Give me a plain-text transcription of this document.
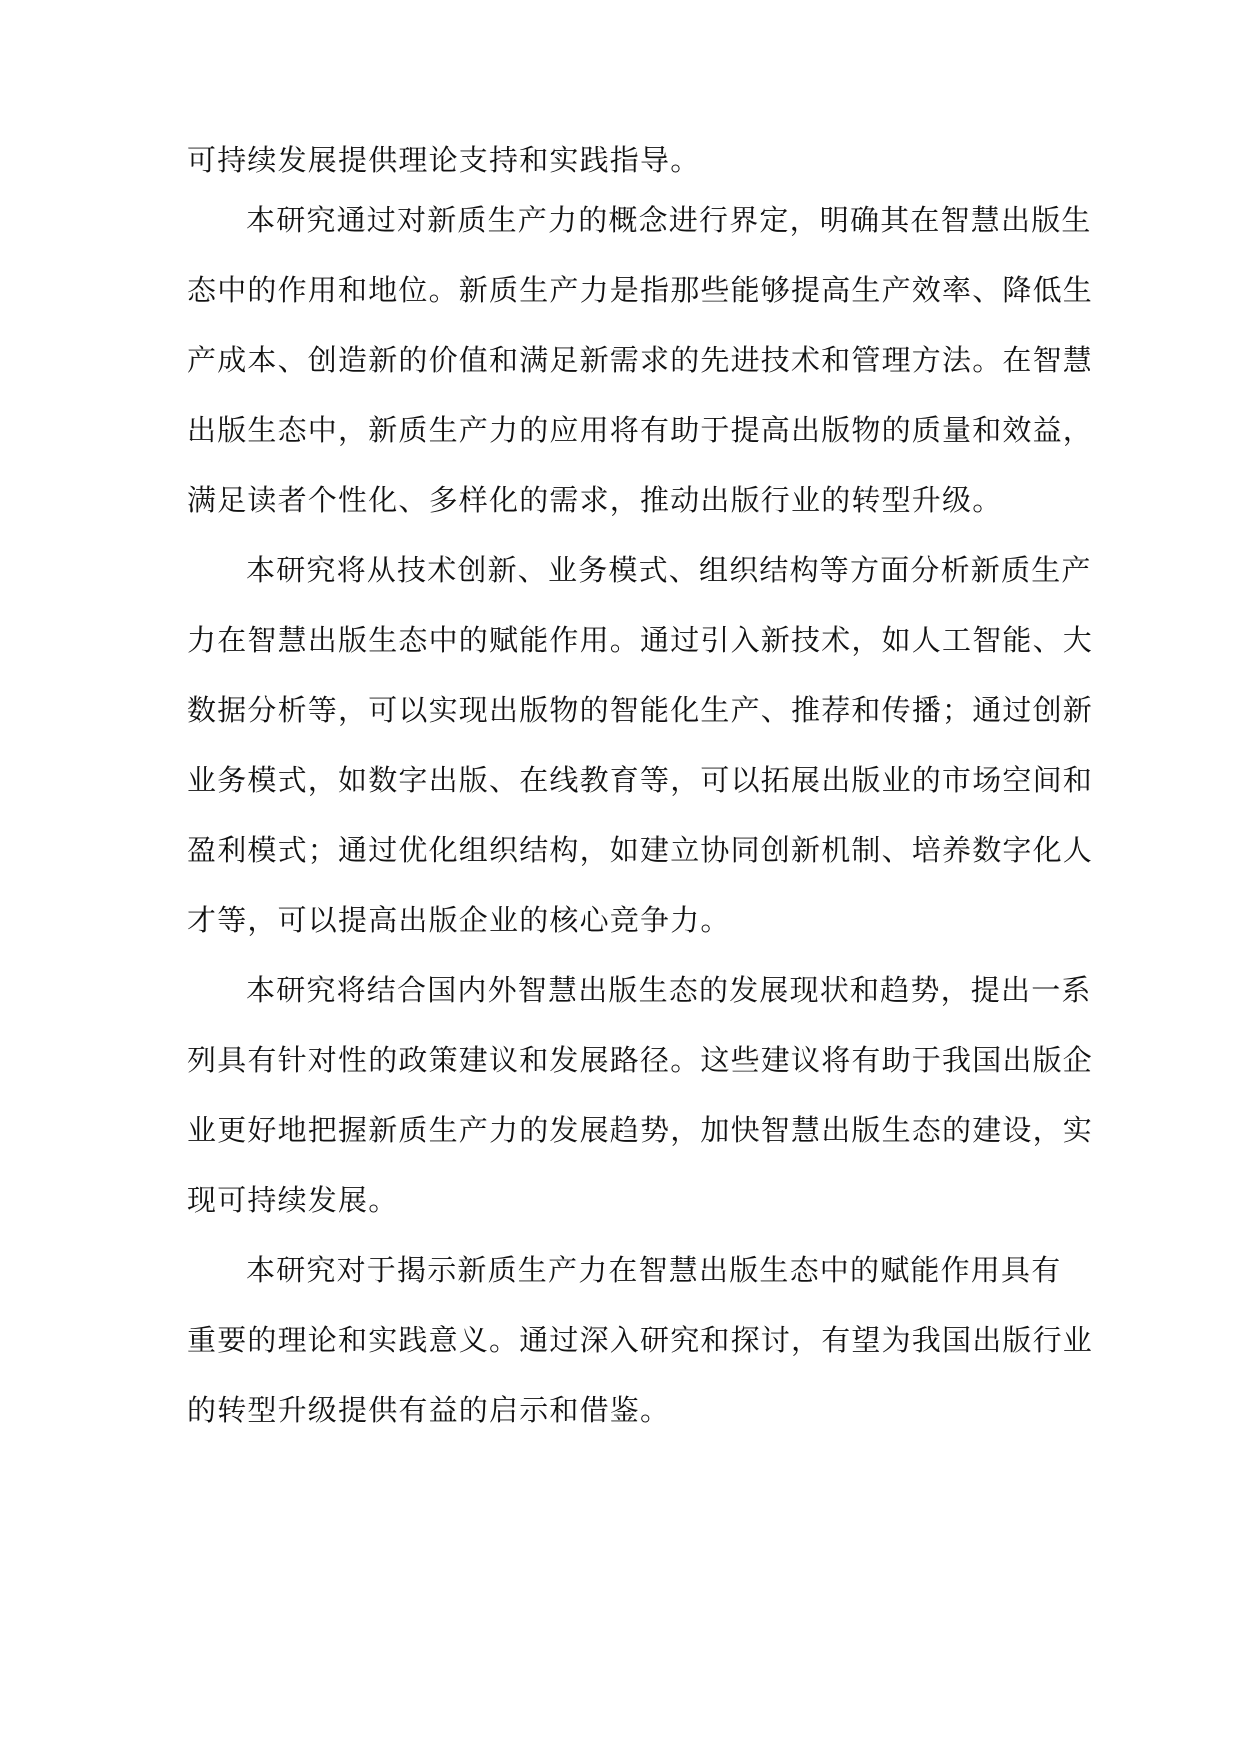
可持续发展提供理论支持和实践指导。

本研究通过对新质生产力的概念进行界定，明确其在智慧出版生

态中的作用和地位。新质生产力是指那些能够提高生产效率、降低生

产成本、创造新的价值和满足新需求的先进技术和管理方法。在智慧

出版生态中，新质生产力的应用将有助于提高出版物的质量和效益，

满足读者个性化、多样化的需求，推动出版行业的转型升级。

本研究将从技术创新、业务模式、组织结构等方面分析新质生产

力在智慧出版生态中的赋能作用。通过引入新技术，如人工智能、大

数据分析等，可以实现出版物的智能化生产、推荐和传播；通过创新

业务模式，如数字出版、在线教育等，可以拓展出版业的市场空间和

盈利模式；通过优化组织结构，如建立协同创新机制、培养数字化人

才等，可以提高出版企业的核心竞争力。

本研究将结合国内外智慧出版生态的发展现状和趋势，提出一系

列具有针对性的政策建议和发展路径。这些建议将有助于我国出版企

业更好地把握新质生产力的发展趋势，加快智慧出版生态的建设，实

现可持续发展。

本研究对于揭示新质生产力在智慧出版生态中的赋能作用具有

重要的理论和实践意义。通过深入研究和探讨，有望为我国出版行业

的转型升级提供有益的启示和借鉴。
